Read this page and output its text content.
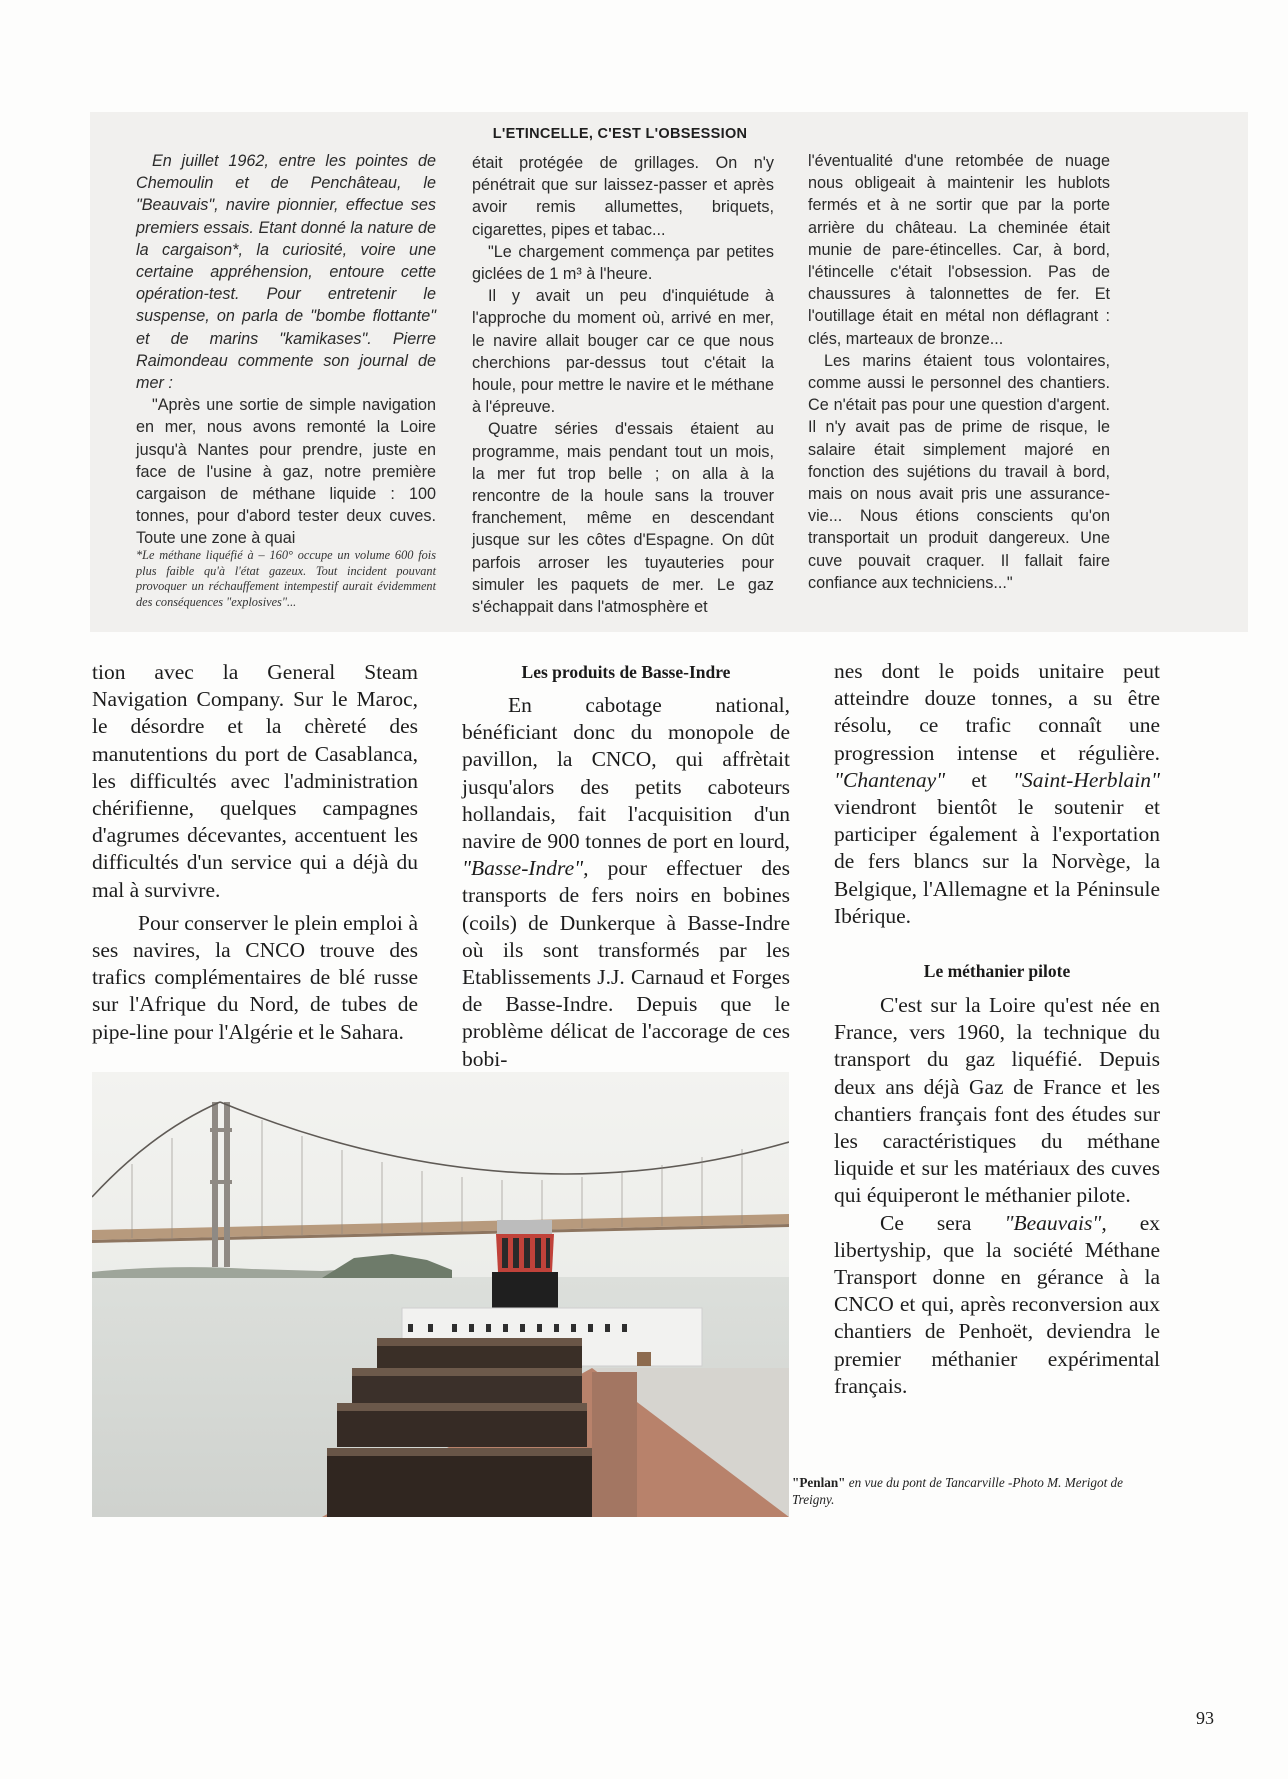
L'ETINCELLE, C'EST L'OBSESSION

En juillet 1962, entre les pointes de Chemoulin et de Penchâteau, le "Beauvais", navire pionnier, effectue ses premiers essais. Etant donné la nature de la cargaison*, la curiosité, voire une certaine appréhension, entoure cette opération-test. Pour entretenir le suspense, on parla de "bombe flottante" et de marins "kamikases". Pierre Raimondeau commente son journal de mer :

"Après une sortie de simple navigation en mer, nous avons remonté la Loire jusqu'à Nantes pour prendre, juste en face de l'usine à gaz, notre première cargaison de méthane liquide : 100 tonnes, pour d'abord tester deux cuves. Toute une zone à quai

*Le méthane liquéfié à – 160° occupe un volume 600 fois plus faible qu'à l'état gazeux. Tout incident pouvant provoquer un réchauffement intempestif aurait évidemment des conséquences "explosives"...

était protégée de grillages. On n'y pénétrait que sur laissez-passer et après avoir remis allumettes, briquets, cigarettes, pipes et tabac...

"Le chargement commença par petites giclées de 1 m³ à l'heure.

Il y avait un peu d'inquiétude à l'approche du moment où, arrivé en mer, le navire allait bouger car ce que nous cherchions par-dessus tout c'était la houle, pour mettre le navire et le méthane à l'épreuve.

Quatre séries d'essais étaient au programme, mais pendant tout un mois, la mer fut trop belle ; on alla à la rencontre de la houle sans la trouver franchement, même en descendant jusque sur les côtes d'Espagne. On dût parfois arroser les tuyauteries pour simuler les paquets de mer. Le gaz s'échappait dans l'atmosphère et

l'éventualité d'une retombée de nuage nous obligeait à maintenir les hublots fermés et à ne sortir que par la porte arrière du château. La cheminée était munie de pare-étincelles. Car, à bord, l'étincelle c'était l'obsession. Pas de chaussures à talonnettes de fer. Et l'outillage était en métal non déflagrant : clés, marteaux de bronze...

Les marins étaient tous volontaires, comme aussi le personnel des chantiers. Ce n'était pas pour une question d'argent. Il n'y avait pas de prime de risque, le salaire était simplement majoré en fonction des sujétions du travail à bord, mais on nous avait pris une assurance-vie... Nous étions conscients qu'on transportait un produit dangereux. Une cuve pouvait craquer. Il fallait faire confiance aux techniciens..."

tion avec la General Steam Navigation Company. Sur le Maroc, le désordre et la chèreté des manutentions du port de Casablanca, les difficultés avec l'administration chérifienne, quelques campagnes d'agrumes décevantes, accentuent les difficultés d'un service qui a déjà du mal à survivre.

Pour conserver le plein emploi à ses navires, la CNCO trouve des trafics complémentaires de blé russe sur l'Afrique du Nord, de tubes de pipe-line pour l'Algérie et le Sahara.

Les produits de Basse-Indre

En cabotage national, bénéficiant donc du monopole de pavillon, la CNCO, qui affrètait jusqu'alors des petits caboteurs hollandais, fait l'acquisition d'un navire de 900 tonnes de port en lourd, "Basse-Indre", pour effectuer des transports de fers noirs en bobines (coils) de Dunkerque à Basse-Indre où ils sont transformés par les Etablissements J.J. Carnaud et Forges de Basse-Indre. Depuis que le problème délicat de l'accorage de ces bobi-

nes dont le poids unitaire peut atteindre douze tonnes, a su être résolu, ce trafic connaît une progression intense et régulière. "Chantenay" et "Saint-Herblain" viendront bientôt le soutenir et participer également à l'exportation de fers blancs sur la Norvège, la Belgique, l'Allemagne et la Péninsule Ibérique.

Le méthanier pilote

C'est sur la Loire qu'est née en France, vers 1960, la technique du transport du gaz liquéfié. Depuis deux ans déjà Gaz de France et les chantiers français font des études sur les caractéristiques du méthane liquide et sur les matériaux des cuves qui équiperont le méthanier pilote.

Ce sera "Beauvais", ex libertyship, que la société Méthane Transport donne en gérance à la CNCO et qui, après reconversion aux chantiers de Penhoët, deviendra le premier méthanier expérimental français.

"Penlan" en vue du pont de Tancarville -Photo M. Merigot de Treigny.
93
